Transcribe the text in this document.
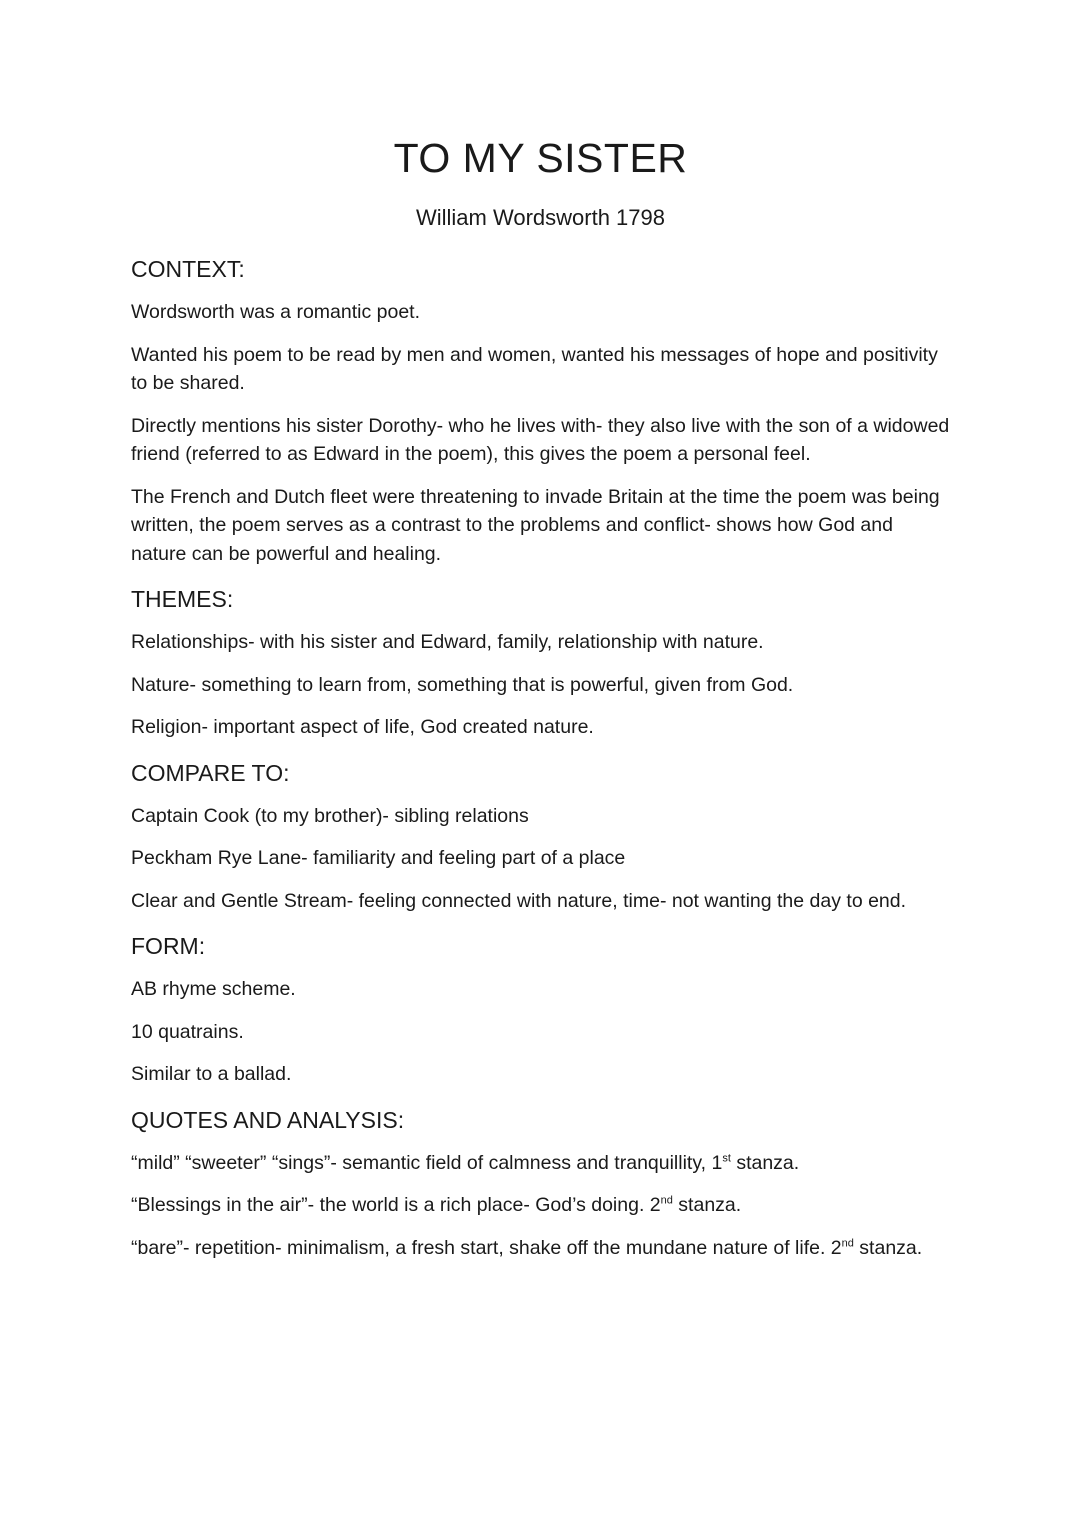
TO MY SISTER
William Wordsworth 1798
CONTEXT:

Wordsworth was a romantic poet.

Wanted his poem to be read by men and women, wanted his messages of hope and positivity to be shared.

Directly mentions his sister Dorothy- who he lives with- they also live with the son of a widowed friend (referred to as Edward in the poem), this gives the poem a personal feel.

The French and Dutch fleet were threatening to invade Britain at the time the poem was being written, the poem serves as a contrast to the problems and conflict- shows how God and nature can be powerful and healing.

THEMES:

Relationships- with his sister and Edward, family, relationship with nature.

Nature- something to learn from, something that is powerful, given from God.

Religion- important aspect of life, God created nature.

COMPARE TO:

Captain Cook (to my brother)- sibling relations

Peckham Rye Lane- familiarity and feeling part of a place

Clear and Gentle Stream- feeling connected with nature, time- not wanting the day to end.

FORM:

AB rhyme scheme.

10 quatrains.

Similar to a ballad.

QUOTES AND ANALYSIS:

“mild” “sweeter” “sings”- semantic field of calmness and tranquillity, 1st stanza.

“Blessings in the air”- the world is a rich place- God’s doing. 2nd stanza.

“bare”- repetition- minimalism, a fresh start, shake off the mundane nature of life. 2nd stanza.
